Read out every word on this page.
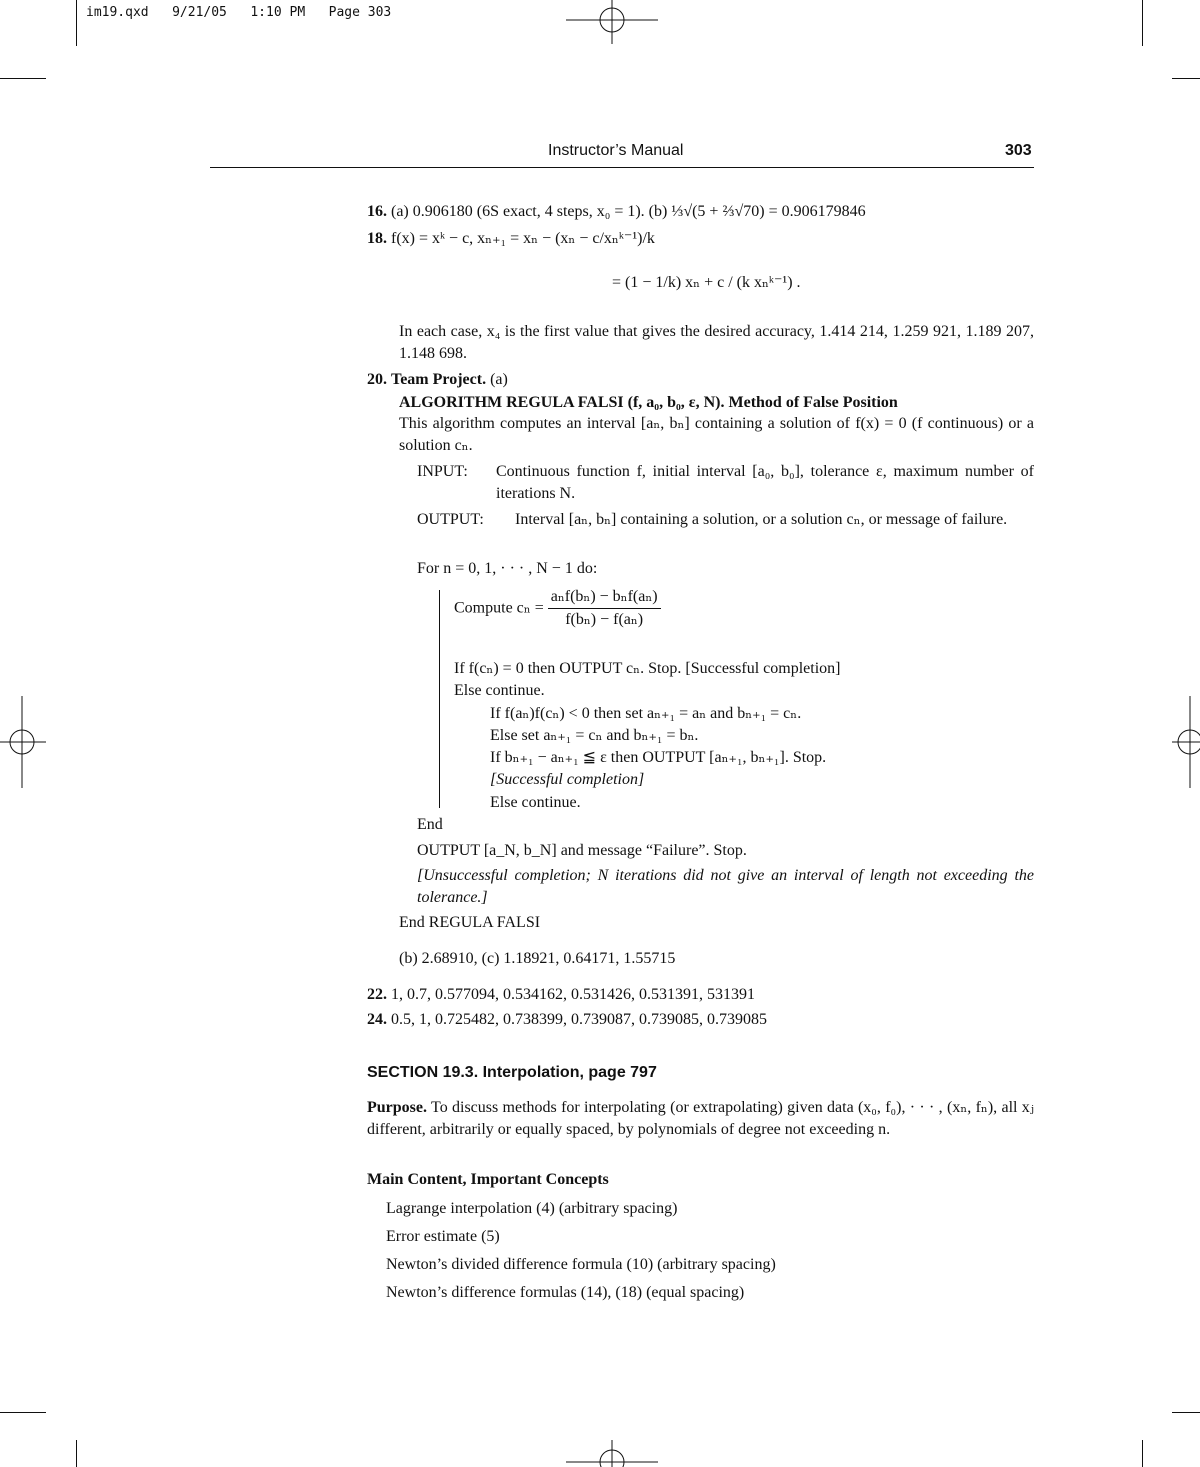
im19.qxd   9/21/05   1:10 PM   Page 303
Instructor’s Manual	303
16. (a) 0.906180 (6S exact, 4 steps, x₀ = 1). (b) ⅓√(5 + ⅔√70) = 0.906179846
18. f(x) = xᵏ − c, xₙ₊₁ = xₙ − (xₙ − c/xₙᵏ⁻¹)/k
= (1 − 1/k) xₙ + c / (k xₙᵏ⁻¹) .
In each case, x₄ is the first value that gives the desired accuracy, 1.414 214, 1.259 921, 1.189 207, 1.148 698.
20. Team Project. (a)
ALGORITHM REGULA FALSI (f, a₀, b₀, ε, N). Method of False Position
This algorithm computes an interval [aₙ, bₙ] containing a solution of f(x) = 0 (f continuous) or a solution cₙ.
INPUT: Continuous function f, initial interval [a₀, b₀], tolerance ε, maximum number of iterations N.
OUTPUT: Interval [aₙ, bₙ] containing a solution, or a solution cₙ, or message of failure.
For n = 0, 1, · · · , N − 1 do:
Compute $c_n = \frac{\text{aₙf(bₙ) − bₙf(aₙ)}}{\text{f(bₙ) − f(aₙ)}}$
If f(cₙ) = 0 then OUTPUT cₙ. Stop. [Successful completion]
Else continue.
If f(aₙ)f(cₙ) < 0 then set aₙ₊₁ = aₙ and bₙ₊₁ = cₙ.
Else set aₙ₊₁ = cₙ and bₙ₊₁ = bₙ.
If bₙ₊₁ − aₙ₊₁ ≦ ε then OUTPUT [aₙ₊₁, bₙ₊₁]. Stop.
[Successful completion]
Else continue.
End
OUTPUT [a_N, b_N] and message “Failure”. Stop.
[Unsuccessful completion; N iterations did not give an interval of length not exceeding the tolerance.]
End REGULA FALSI
(b) 2.68910, (c) 1.18921, 0.64171, 1.55715
22. 1, 0.7, 0.577094, 0.534162, 0.531426, 0.531391, 531391
24. 0.5, 1, 0.725482, 0.738399, 0.739087, 0.739085, 0.739085
SECTION 19.3. Interpolation, page 797
Purpose. To discuss methods for interpolating (or extrapolating) given data (x₀, f₀), · · · , (xₙ, fₙ), all xⱼ different, arbitrarily or equally spaced, by polynomials of degree not exceeding n.
Main Content, Important Concepts
Lagrange interpolation (4) (arbitrary spacing)
Error estimate (5)
Newton’s divided difference formula (10) (arbitrary spacing)
Newton’s difference formulas (14), (18) (equal spacing)
